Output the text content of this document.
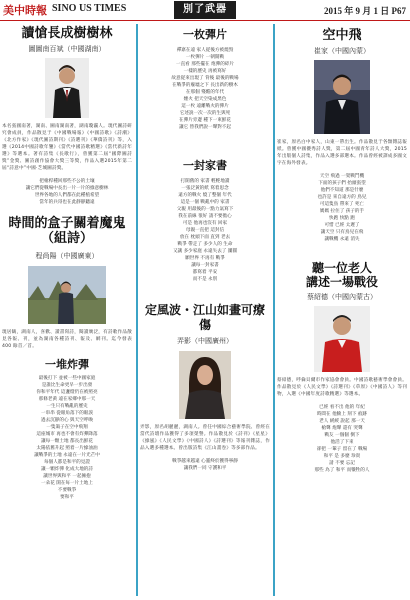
美中時報 SINO US TIMES	別了武器	2015 年 9 月 1 日 P67
讀愴長成樹樹林
圖圖南百斌（中國湖南）

本名張國南著，湖南、圖南湖南著，湖南瓊瀛人。現代圖詩研究會成員，作品散見于《中國戰場報》《中國詩歌》《詩潮》《北方作家》《現代圖詩期刊》《詩選刊》《華僑詩刊》等，入選《2014中國詩歌年鑒》《當代中國詩歌精選》《當代新詩年選》等選本。著有詩集《長歌行》，曾獲第二屆“國際圖詩獎”金獎、圖詩創作協會大獎三等獎，作品入選2015年第二屆“詩意中”中國·芝城圖詩獎。

把槍桿種回那些不公的土壤
讓它們從戰場中長出一片一片的綠意樹林
世界各地的人們都在此種植希望
當年的兵哥也在此靜靜聽遠

時間的盒子關着魔鬼
（組詩）
程尚陽（中國廣東）

現居鶴，湖南人，喜歡、讀書寫詩，閱讀廣泛，有詩歌作品散見各報、刊，並為湖南各種詩刊、報及、網刊。迄今發表 400 餘首／首。

一堆炸彈

最後打下 並被一些中國家庭
是誰比生命更早一步出發
你和平年代 這盞燈仍在被照亮
那條老黃 遠在家鄉中那一天
一生只有戰亂的歷史
一串串 從眼角落下的眼淚
過去沉靜的心 與天空呼喚
一隻鴿子在空中飛翔
這座城市 再也不會有炸彈降落
讓每一顆土地 都長出鮮花
太陽依舊升起 照着一片綠油油
讓戰爭的土地 永遠在一片光芒中
每個人都是和平的見證
讓一顆炸彈 化成大地的詩
讓世界與和平 一起擁抱
一朵花 開在每一片土地上
不要戰爭
要和平

一枚彈片

禪寨在遠 家人從後方被燒毀
一枚彈片 一朝開戰
一直看 那些擺在 炮彈的碎片
一樣的歷史 再被寫好
故意從來出現了 背後 最後的戰場
在戰爭的廢墟之下 長出新的樹木
在那個 殘酷的年代
煙火 把天空染成黑色
這一枚 遠離戰火的彈片
它述說一次一次的生與死
在彈片旁邊 種下一束鮮花
讓它 替我們說一聲對不起

一封家書

打開舊的 家書 輕輕地讀
一張泛黃的紙 寫着思念
遠方的戰火 燒了整個 年代
這是一個 戰亂中的 家書
父親 用最後的一點力氣寫下
我在前線 很好 請不要擔心
可是 他再也沒有 回家
母親一直把 這封信
放在 枕頭下面 直到 老去
戰爭 帶走了 多少人的 生命
又讓 多少家庭 永遠失去了 團圓
願世界 不再有 戰爭
讓每一封家書
都寫着 平安
而不是 永別

定風波・江山如畫可療傷
弄影（中國廣州）

弄影，原名胡麗麗，湖南人。曾任中國綜合藝術學院、曾經在當代詩壇作品獲得了多項榮譽。作品散見於《詩刊》《星星》《綠風》《人民文學》《中國詩人》《詩選刊》等報刊雜誌，作品入選多種選本。曾出版詩集《江山畫卷》等多部作品。

戰爭越來越遠 心靈終於獲得寧靜
讓我們一同 守護和平

空中飛
崔家（中國內蒙）

崔家，原名白中家人，山東一帶出生。作品散見于各類雜誌報紙。曾獲中國優秀詩人獎，第二屆中國青年詩人大獎，2015年出版個人詩集，作品入選多部選本。作品曾經被譯成多國文字在海外發表。

天空 飛過 一架戰鬥機
下面的孩子們 抬頭張望
他們不知道 那是什麼
也許是 來自遠方的 鳥兒
可這隻鳥 帶來了 死亡
媽媽 拉住了 孩子的手
快跑 快點 跑
可惜 已經 太遲了
讓天空 只有鳥兒在飛
讓戰機 永遠 消失

聽一位老人
講述一場戰役
蔡紹德（中國內蒙古）

蔡紹德，呼倫貝爾市作家協會會員。中國詩歌藝術學會會員。作品散見於《人民文學》《詩選刊》《草原》《中國詩人》等刊物，入選《中國年度詩歌精選》等選本。

已經 看不出 他的 年紀
時間在 他臉上 刻下 痕跡
老人 緩緩 說起 那一天
槍聲 炮聲 還有 哭聲
戰友 一個個 倒下
他活了下來
卻把 一輩子 留在了 戰場
和平 是 多麼 珍貴
請 不要 忘記
那些 為了 和平 而犧牲的人
